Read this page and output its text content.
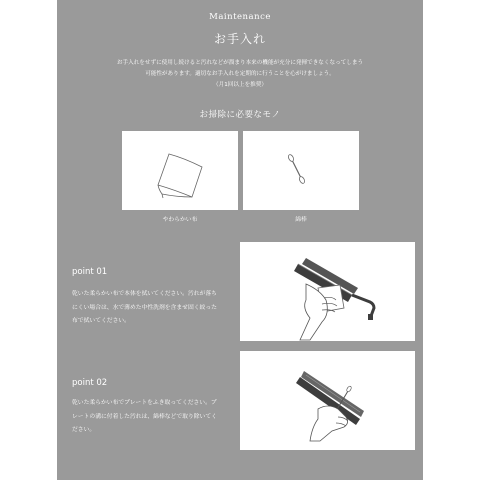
Maintenance
お手入れ
お手入れをせずに使用し続けると汚れなどが溜まり本来の機能が充分に発揮できなくなってしまう
可能性があります。適切なお手入れを定期的に行うことを心がけましょう。
（月1回以上を推奨）
お掃除に必要なモノ
やわらかい布	綿棒
point 01
乾いた柔らかい布で本体を拭いてください。汚れが落ち
にくい場合は、水で薄めた中性洗剤を含ませ固く絞った
布で拭いてください。
point 02
乾いた柔らかい布でプレートをふき取ってください。プ
レートの溝に付着した汚れは、綿棒などで取り除いてく
ださい。
